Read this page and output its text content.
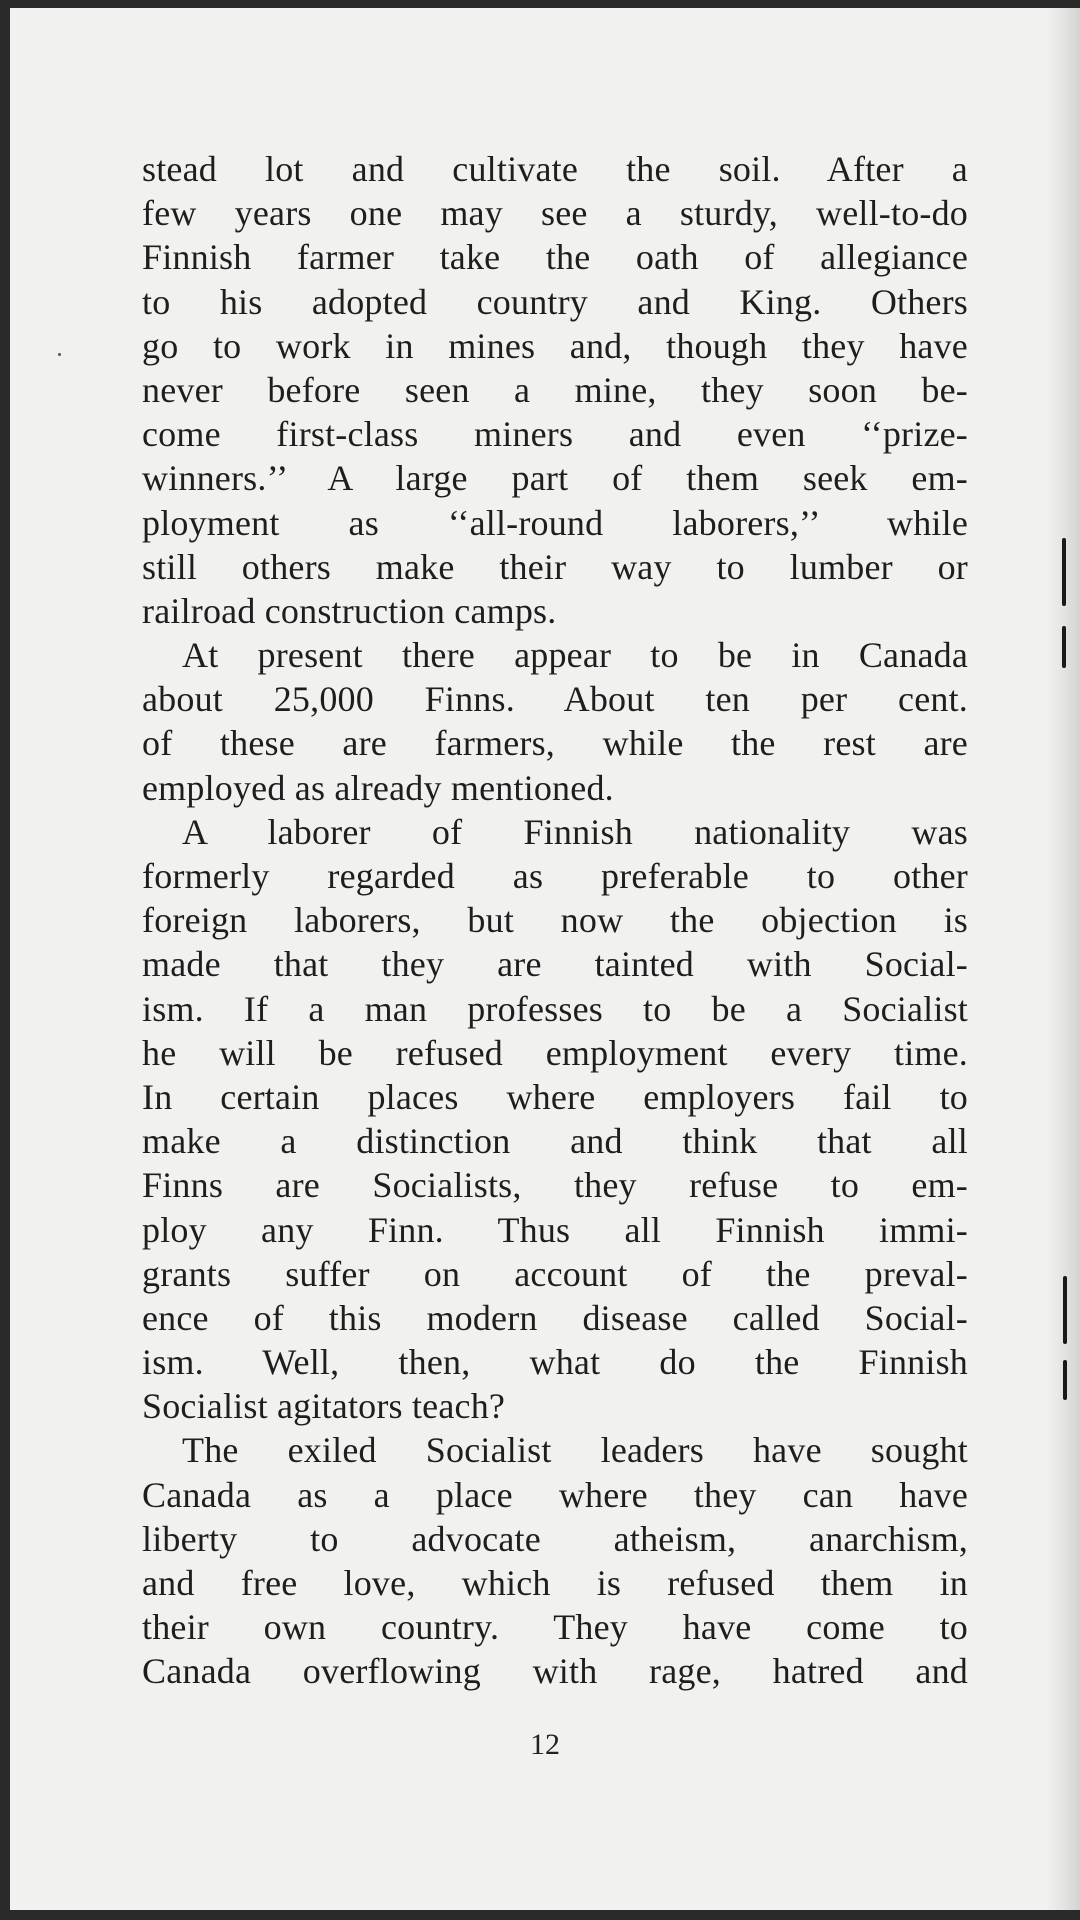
stead lot and cultivate the soil. After a
few years one may see a sturdy, well-to-do
Finnish farmer take the oath of allegiance
to his adopted country and King. Others
go to work in mines and, though they have
never before seen a mine, they soon be-
come first-class miners and even ‘‘prize-
winners.’’ A large part of them seek em-
ployment as ‘‘all-round laborers,’’ while
still others make their way to lumber or
railroad construction camps.
At present there appear to be in Canada
about 25,000 Finns. About ten per cent.
of these are farmers, while the rest are
employed as already mentioned.
A laborer of Finnish nationality was
formerly regarded as preferable to other
foreign laborers, but now the objection is
made that they are tainted with Social-
ism. If a man professes to be a Socialist
he will be refused employment every time.
In certain places where employers fail to
make a distinction and think that all
Finns are Socialists, they refuse to em-
ploy any Finn. Thus all Finnish immi-
grants suffer on account of the preval-
ence of this modern disease called Social-
ism. Well, then, what do the Finnish
Socialist agitators teach?
The exiled Socialist leaders have sought
Canada as a place where they can have
liberty to advocate atheism, anarchism,
and free love, which is refused them in
their own country. They have come to
Canada overflowing with rage, hatred and
12
